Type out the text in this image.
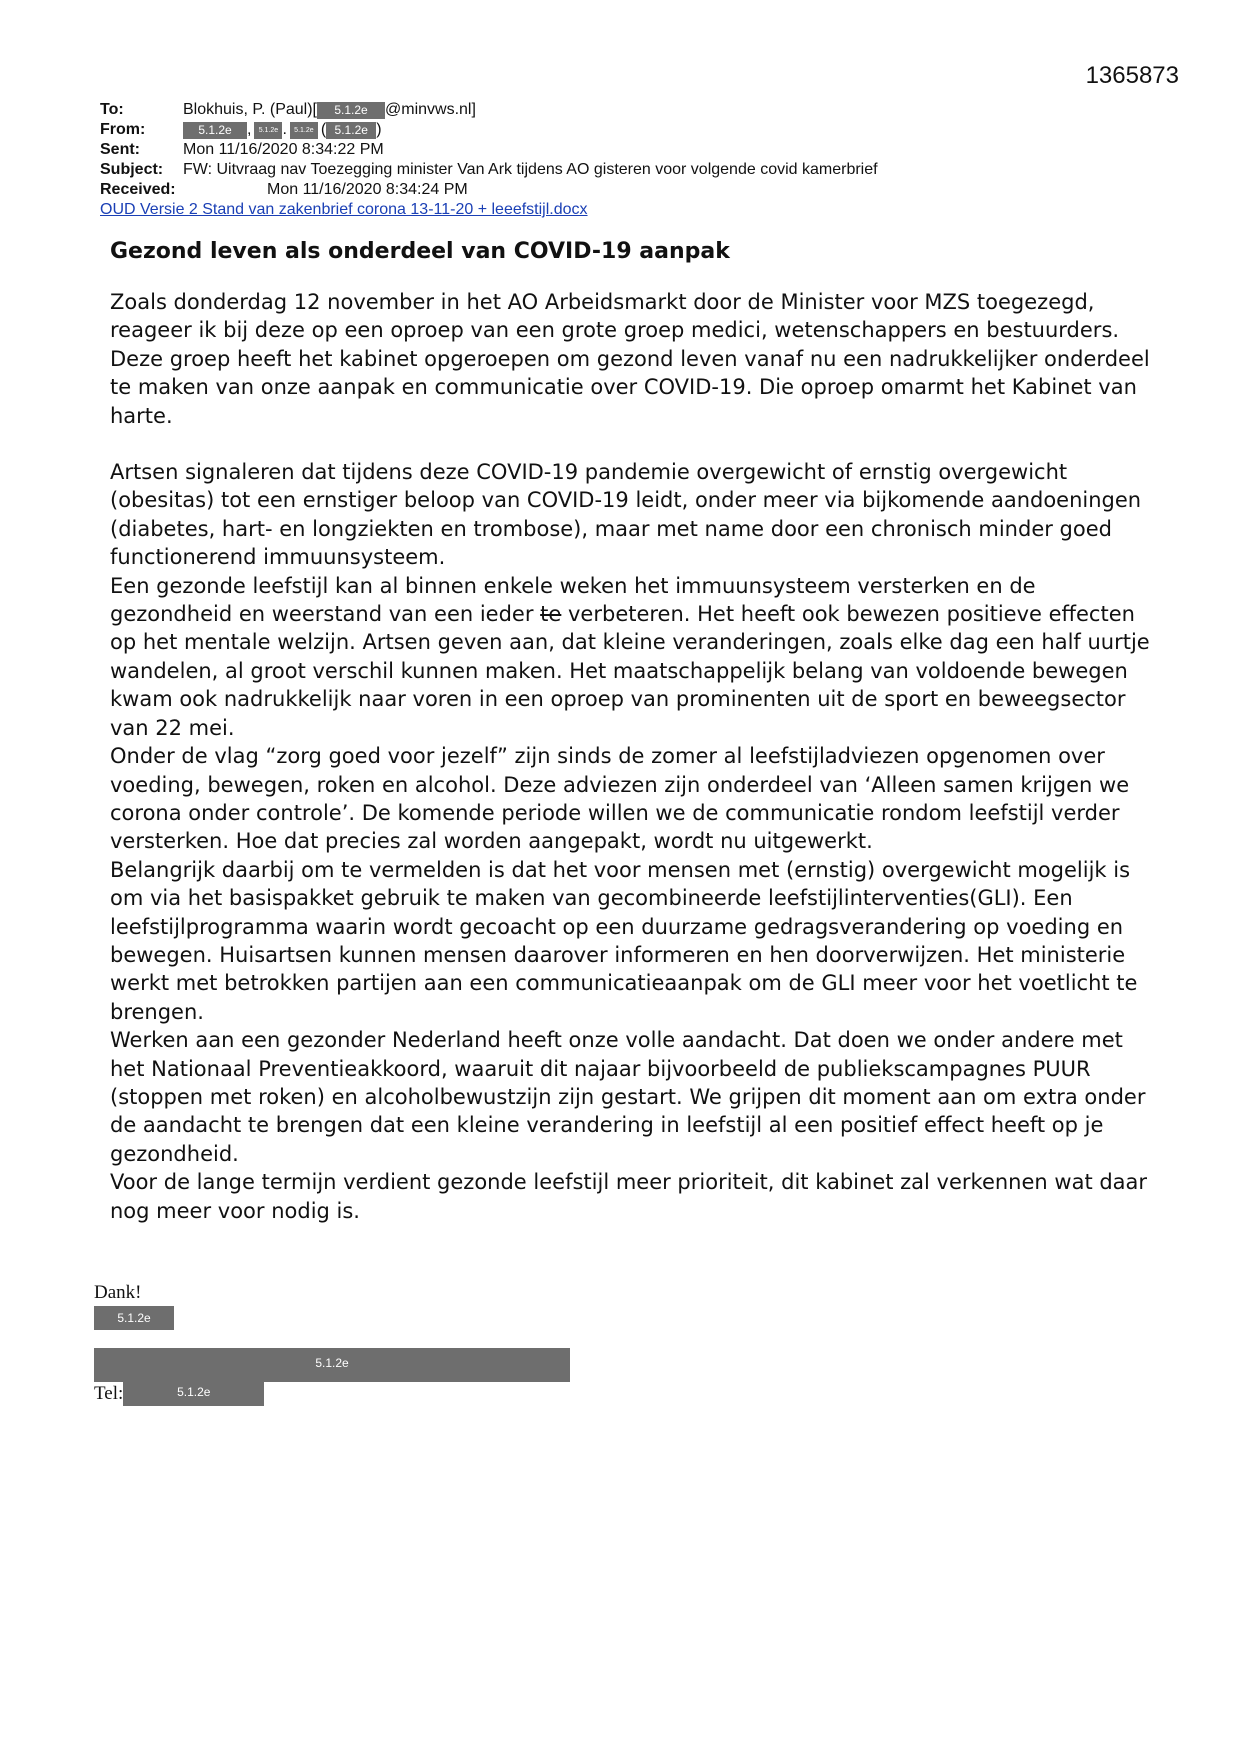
1365873
To:	Blokhuis, P. (Paul)[	5.1.2e	@minvws.nl]
From:	5.1.2e ,	5.1.2e .	5.1.2e ( 5.1.2e )
Sent:	Mon 11/16/2020 8:34:22 PM
Subject:	FW: Uitvraag nav Toezegging minister Van Ark tijdens AO gisteren voor volgende covid kamerbrief
Received:	Mon 11/16/2020 8:34:24 PM
OUD Versie 2 Stand van zakenbrief corona 13-11-20 + leeefstijl.docx
Gezond leven als onderdeel van COVID-19 aanpak

Zoals donderdag 12 november in het AO Arbeidsmarkt door de Minister voor MZS toegezegd, reageer ik bij deze op een oproep van een grote groep medici, wetenschappers en bestuurders. Deze groep heeft het kabinet opgeroepen om gezond leven vanaf nu een nadrukkelijker onderdeel te maken van onze aanpak en communicatie over COVID-19. Die oproep omarmt het Kabinet van harte.

Artsen signaleren dat tijdens deze COVID-19 pandemie overgewicht of ernstig overgewicht (obesitas) tot een ernstiger beloop van COVID-19 leidt, onder meer via bijkomende aandoeningen (diabetes, hart- en longziekten en trombose), maar met name door een chronisch minder goed functionerend immuunsysteem.

Een gezonde leefstijl kan al binnen enkele weken het immuunsysteem versterken en de gezondheid en weerstand van een ieder te verbeteren. Het heeft ook bewezen positieve effecten op het mentale welzijn. Artsen geven aan, dat kleine veranderingen, zoals elke dag een half uurtje wandelen, al groot verschil kunnen maken. Het maatschappelijk belang van voldoende bewegen kwam ook nadrukkelijk naar voren in een oproep van prominenten uit de sport en beweegsector van 22 mei.

Onder de vlag “zorg goed voor jezelf” zijn sinds de zomer al leefstijladviezen opgenomen over voeding, bewegen, roken en alcohol. Deze adviezen zijn onderdeel van ‘Alleen samen krijgen we corona onder controle’. De komende periode willen we de communicatie rondom leefstijl verder versterken. Hoe dat precies zal worden aangepakt, wordt nu uitgewerkt.

Belangrijk daarbij om te vermelden is dat het voor mensen met (ernstig) overgewicht mogelijk is om via het basispakket gebruik te maken van gecombineerde leefstijlinterventies(GLI). Een leefstijlprogramma waarin wordt gecoacht op een duurzame gedragsverandering op voeding en bewegen. Huisartsen kunnen mensen daarover informeren en hen doorverwijzen. Het ministerie werkt met betrokken partijen aan een communicatieaanpak om de GLI meer voor het voetlicht te brengen.

Werken aan een gezonder Nederland heeft onze volle aandacht. Dat doen we onder andere met het Nationaal Preventieakkoord, waaruit dit najaar bijvoorbeeld de publiekscampagnes PUUR (stoppen met roken) en alcoholbewustzijn zijn gestart. We grijpen dit moment aan om extra onder de aandacht te brengen dat een kleine verandering in leefstijl al een positief effect heeft op je gezondheid.

Voor de lange termijn verdient gezonde leefstijl meer prioriteit, dit kabinet zal verkennen wat daar nog meer voor nodig is.

Dank!
5.1.2e
5.1.2e
Tel:	5.1.2e
